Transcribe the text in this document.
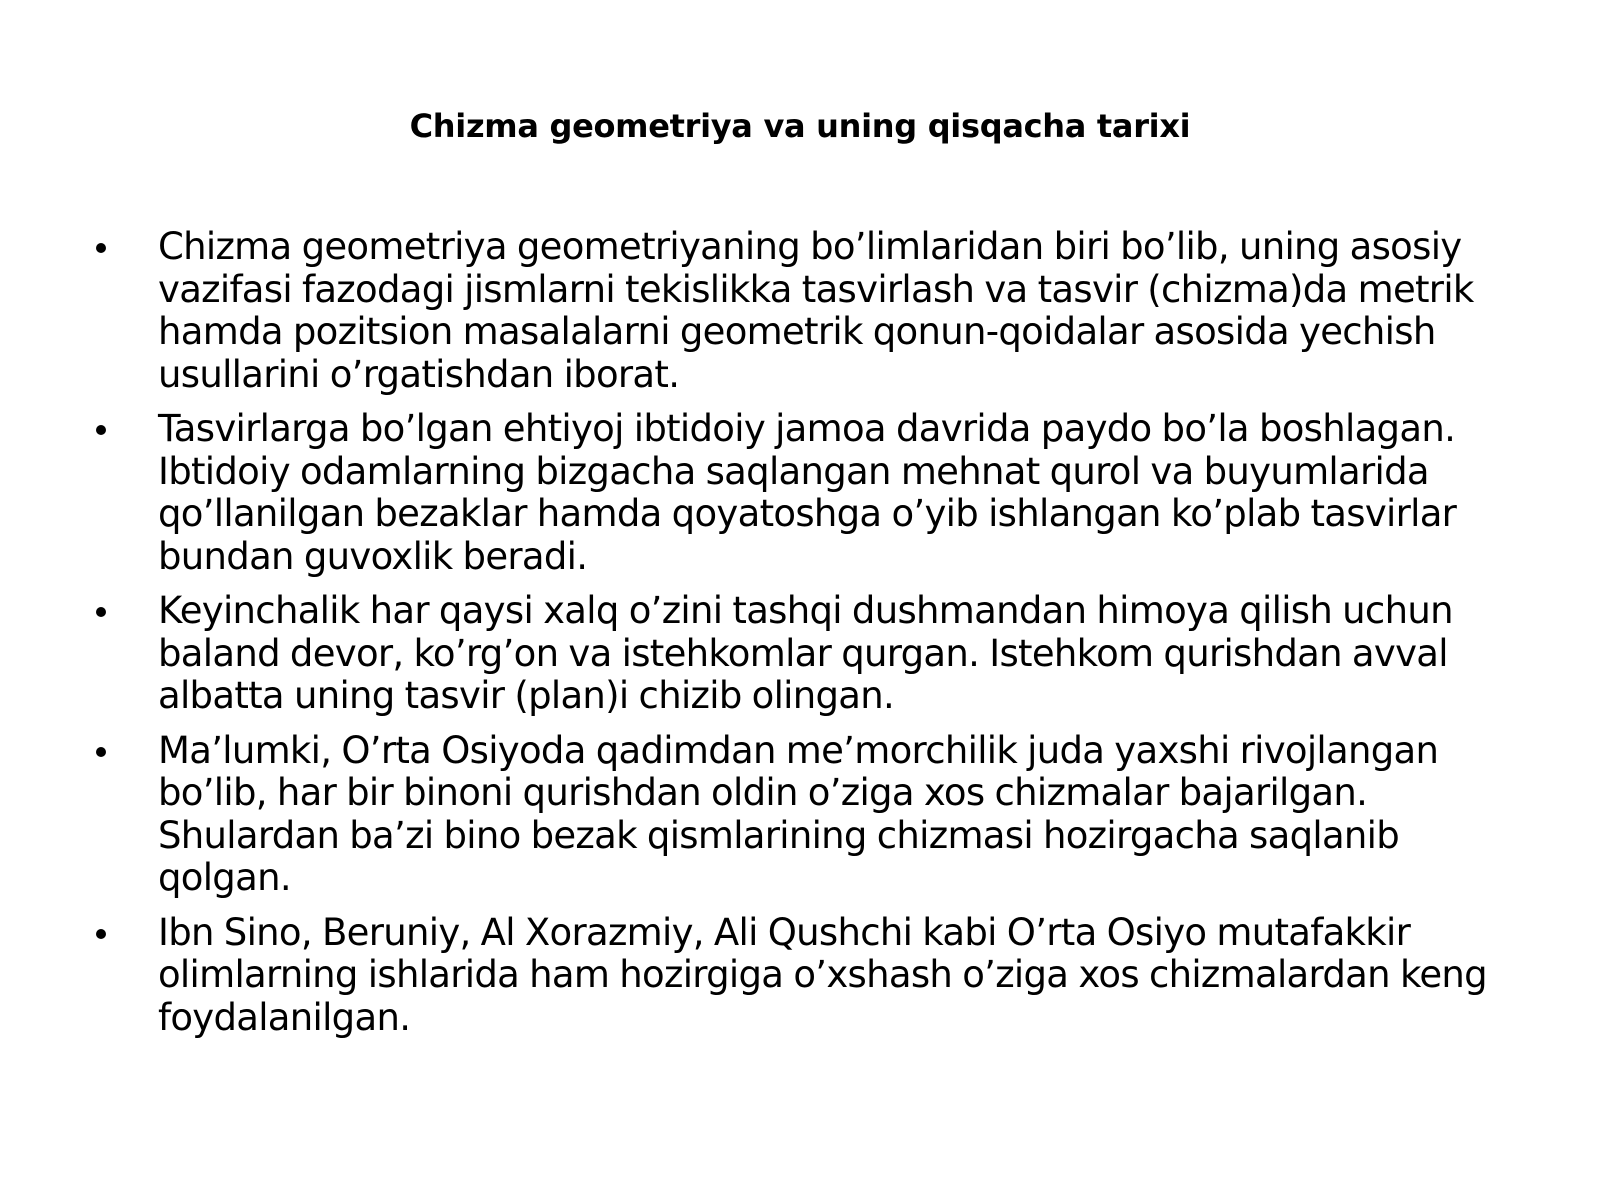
Chizma geometriya va uning qisqacha tarixi
Chizma geometriya geometriyaning bo’limlaridan biri bo’lib, uning asosiy vazifasi fazodagi jismlarni tekislikka tasvirlash va tasvir (chizma)da metrik hamda pozitsion masalalarni geometrik qonun-qoidalar asosida yechish usullarini o’rgatishdan iborat.
Tasvirlarga bo’lgan ehtiyoj ibtidoiy jamoa davrida paydo bo’la boshlagan. Ibtidoiy odamlarning bizgacha saqlangan mehnat qurol va buyumlarida qo’llanilgan bezaklar hamda qoyatoshga o’yib ishlangan ko’plab tasvirlar bundan guvoxlik beradi.
Keyinchalik har qaysi xalq o’zini tashqi dushmandan himoya qilish uchun baland devor, ko’rg’on va istehkomlar qurgan. Istehkom qurishdan avval albatta uning tasvir (plan)i chizib olingan.
Ma’lumki, O’rta Osiyoda qadimdan me’morchilik juda yaxshi rivojlangan bo’lib, har bir binoni qurishdan oldin o’ziga xos chizmalar bajarilgan. Shulardan ba’zi bino bezak qismlarining chizmasi hozirgacha saqlanib qolgan.
Ibn Sino, Beruniy, Al Xorazmiy, Ali Qushchi kabi O’rta Osiyo mutafakkir olimlarning ishlarida ham hozirgiga o’xshash o’ziga xos chizmalardan keng foydalanilgan.
